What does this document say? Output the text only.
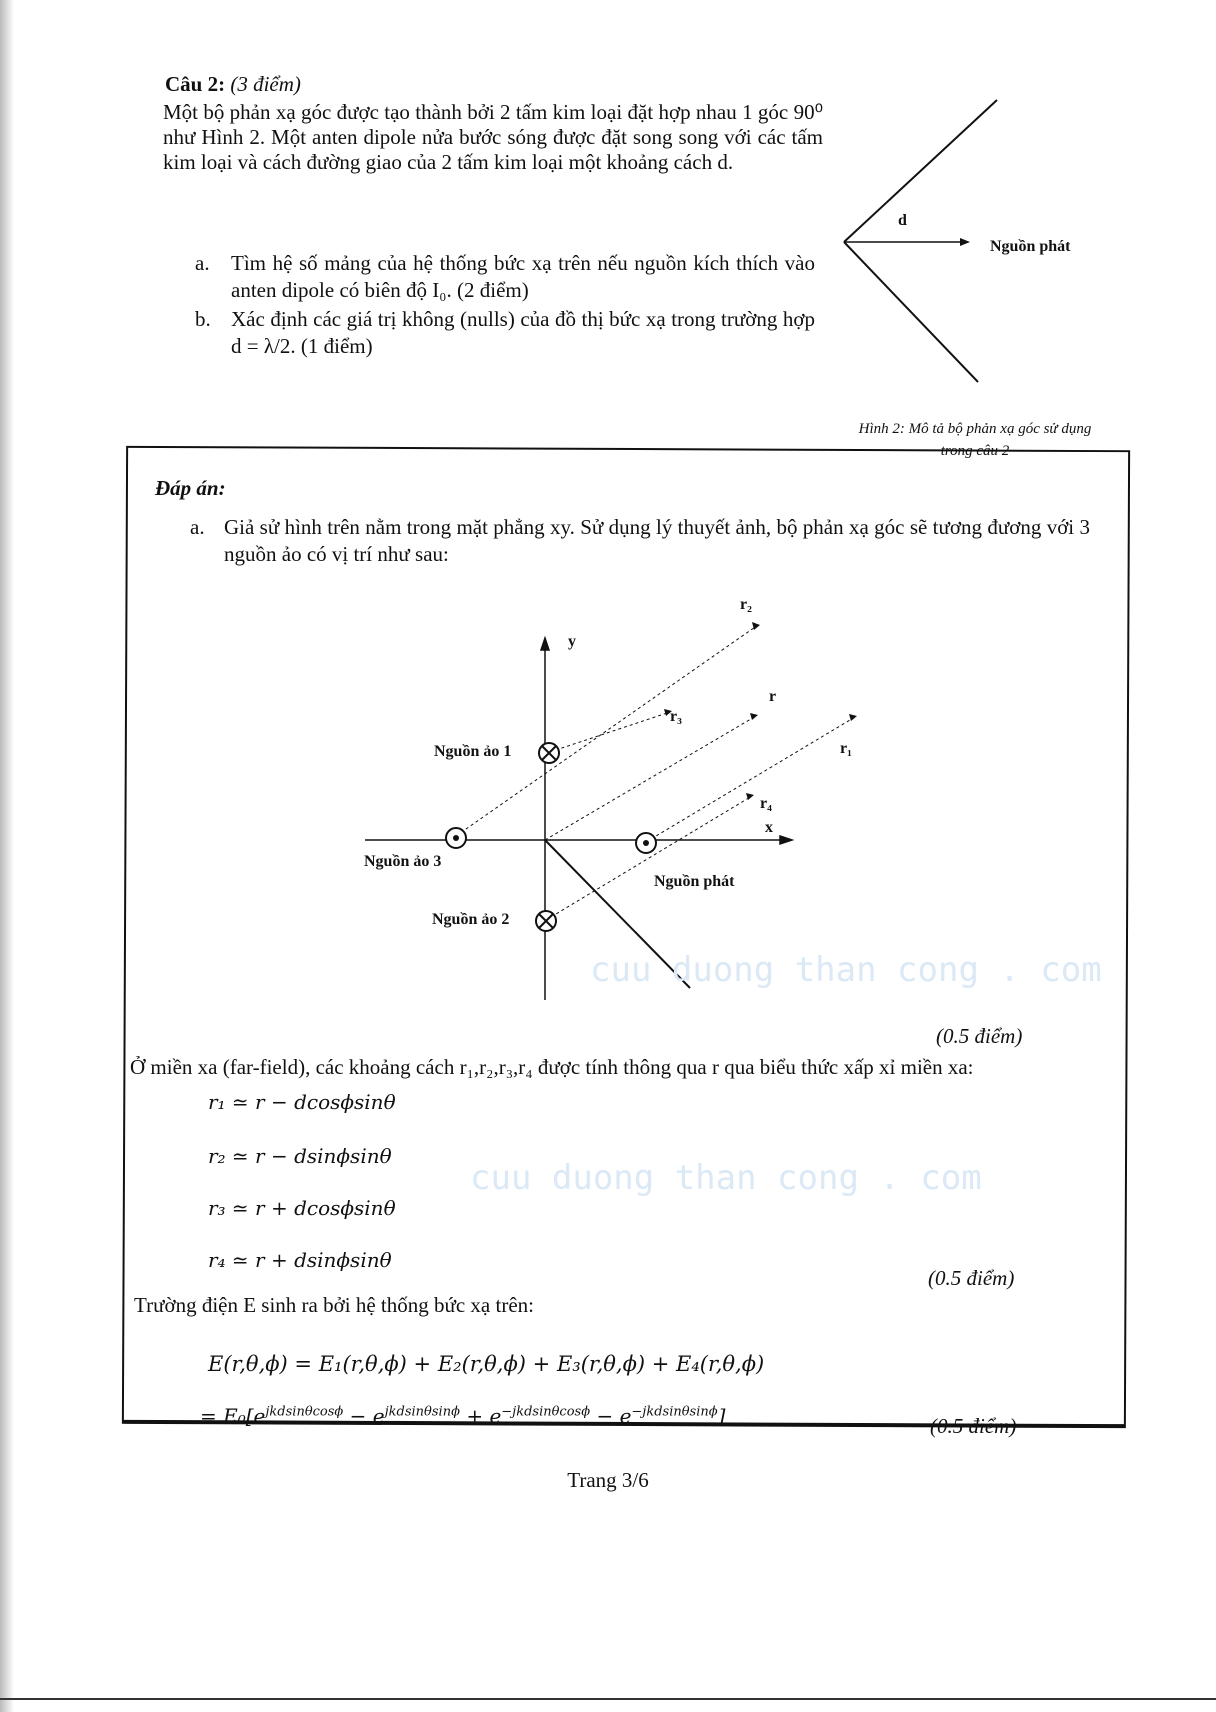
Câu 2: (3 điểm)
Một bộ phản xạ góc được tạo thành bởi 2 tấm kim loại đặt hợp nhau 1 góc 90⁰ như Hình 2. Một anten dipole nửa bước sóng được đặt song song với các tấm kim loại và cách đường giao của 2 tấm kim loại một khoảng cách d.
a. Tìm hệ số mảng của hệ thống bức xạ trên nếu nguồn kích thích vào anten dipole có biên độ I₀. (2 điểm)
b. Xác định các giá trị không (nulls) của đồ thị bức xạ trong trường hợp d = λ/2. (1 điểm)
d
Nguồn phát
Hình 2: Mô tả bộ phản xạ góc sử dụng trong câu 2
Đáp án:
a. Giả sử hình trên nằm trong mặt phẳng xy. Sử dụng lý thuyết ảnh, bộ phản xạ góc sẽ tương đương với 3 nguồn ảo có vị trí như sau:
y
x
r₂
r₃
r
r₁
r₄
Nguồn ảo 1
Nguồn ảo 2
Nguồn ảo 3
Nguồn phát
cuu duong than cong . com
cuu duong than cong . com
(0.5 điểm)
Ở miền xa (far-field), các khoảng cách r₁,r₂,r₃,r₄ được tính thông qua r qua biểu thức xấp xỉ miền xa:
r₁ ≃ r − dcosϕsinθ
r₂ ≃ r − dsinϕsinθ
r₃ ≃ r + dcosϕsinθ
r₄ ≃ r + dsinϕsinθ
(0.5 điểm)
Trường điện E sinh ra bởi hệ thống bức xạ trên:
E(r,θ,ϕ) = E₁(r,θ,ϕ) + E₂(r,θ,ϕ) + E₃(r,θ,ϕ) + E₄(r,θ,ϕ)
= $E_0[e^{jkdsin\theta cos\phi} - e^{jkdsin\theta sin\phi} + e^{-jkdsin\theta cos\phi} - e^{-jkdsin\theta sin\phi}]$	(0.5 điểm)
Trang 3/6
